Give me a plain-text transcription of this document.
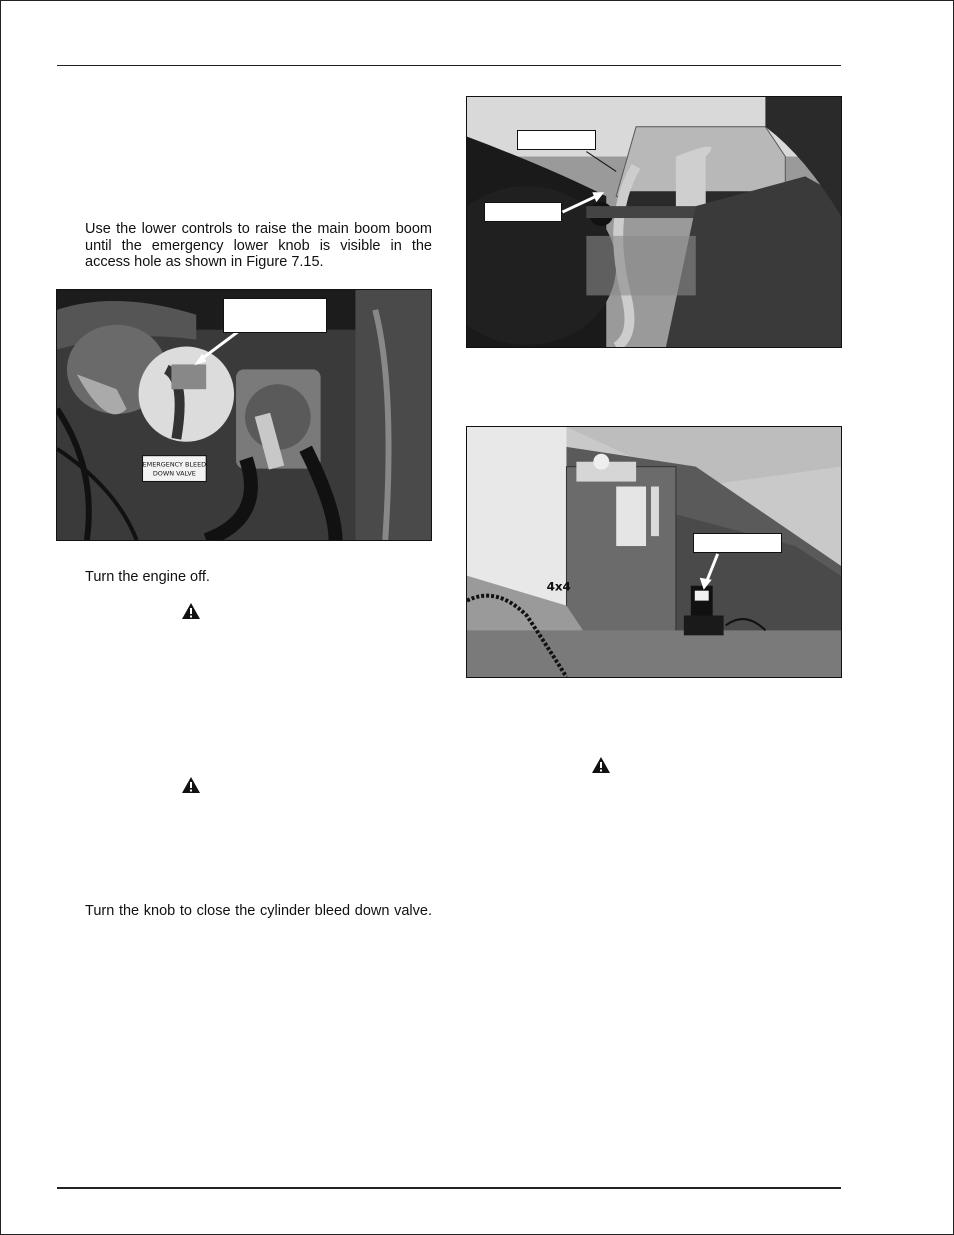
Use the lower controls to raise the main boom boom until the emergency lower knob is visible in the access hole as shown in Figure 7.15.

EMERGENCY BLEED
DOWN VALVE

Turn the engine off.

Turn the knob to close the cylinder bleed down valve.

4x4
